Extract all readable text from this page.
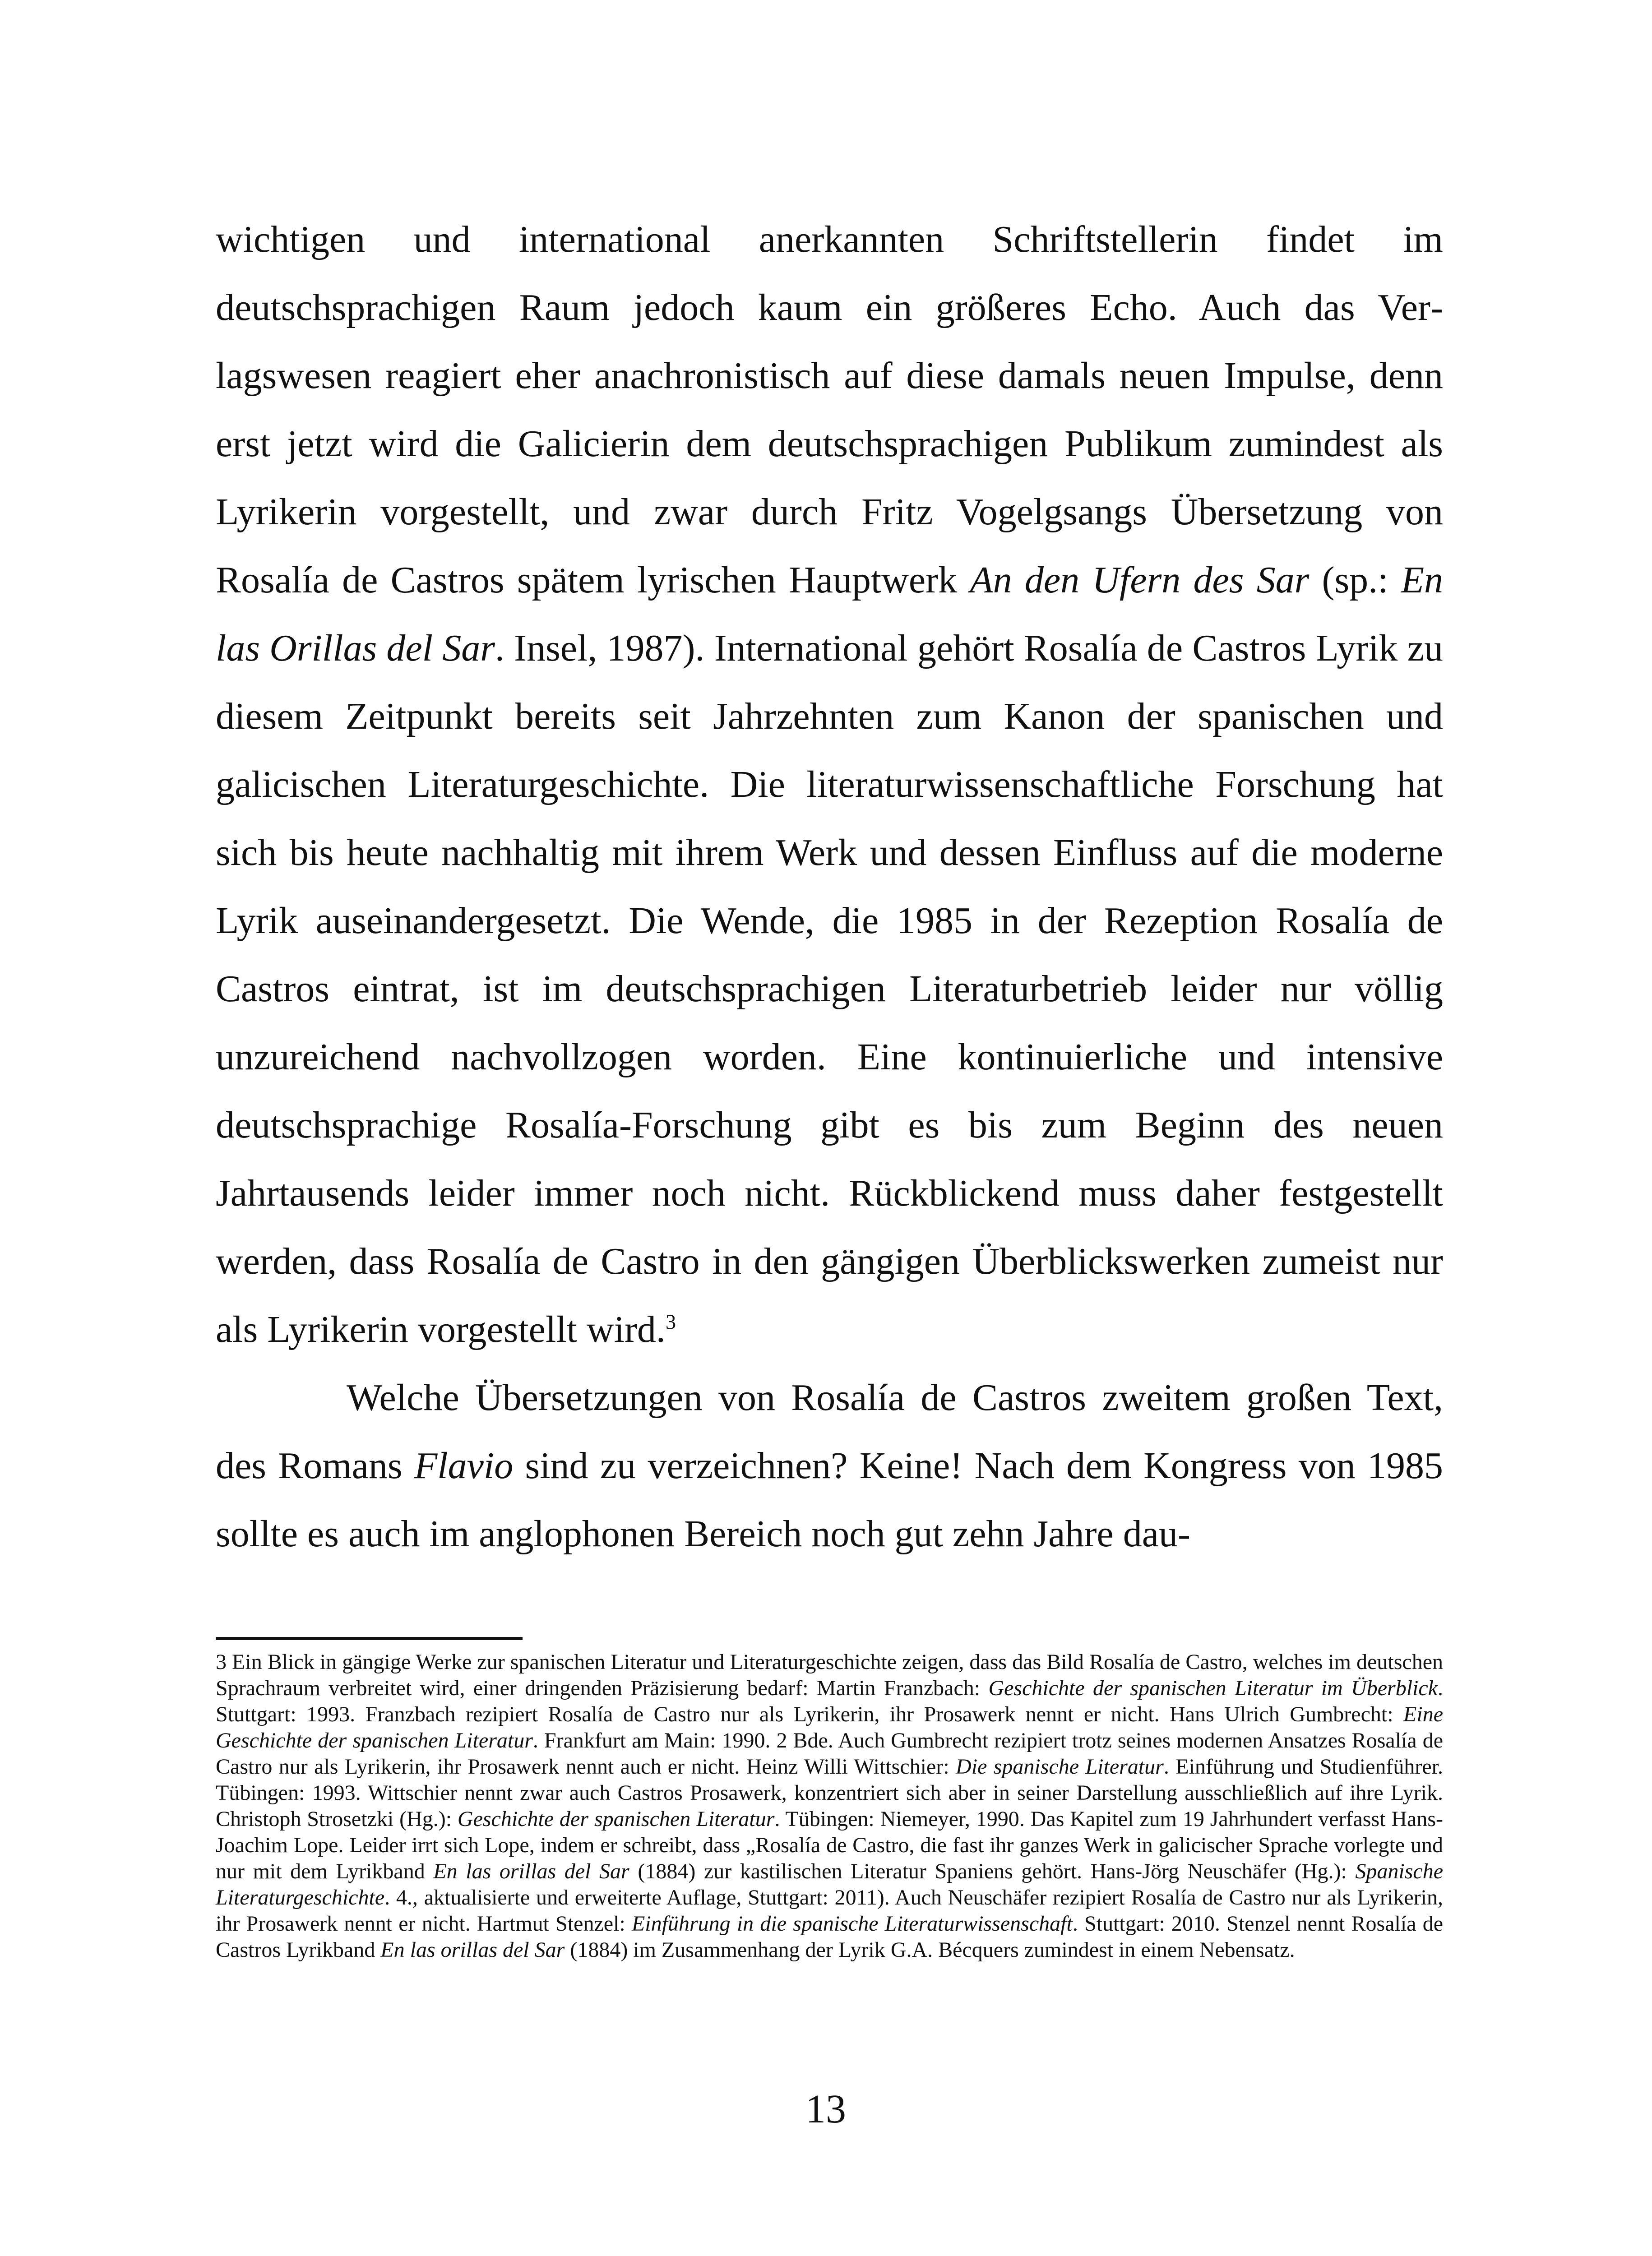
wichtigen und international anerkannten Schriftstellerin findet im deutschsprachigen Raum jedoch kaum ein größeres Echo. Auch das Verlagswesen reagiert eher anachronistisch auf diese damals neuen Impulse, denn erst jetzt wird die Galicierin dem deutschsprachigen Publikum zumindest als Lyrikerin vorgestellt, und zwar durch Fritz Vogelgsangs Übersetzung von Rosalía de Castros spätem lyrischen Hauptwerk An den Ufern des Sar (sp.: En las Orillas del Sar. Insel, 1987). International gehört Rosalía de Castros Lyrik zu diesem Zeitpunkt bereits seit Jahrzehnten zum Kanon der spanischen und galicischen Literaturgeschichte. Die literaturwissenschaftliche Forschung hat sich bis heute nachhaltig mit ihrem Werk und dessen Einfluss auf die moderne Lyrik auseinandergesetzt. Die Wende, die 1985 in der Rezeption Rosalía de Castros eintrat, ist im deutschsprachigen Literaturbetrieb leider nur völlig unzureichend nachvollzogen worden. Eine kontinuierliche und intensive deutschsprachige Rosalía-Forschung gibt es bis zum Beginn des neuen Jahrtausends leider immer noch nicht. Rückblickend muss daher festgestellt werden, dass Rosalía de Castro in den gängigen Überblickswerken zumeist nur als Lyrikerin vorgestellt wird.$^3$

Welche Übersetzungen von Rosalía de Castros zweitem großen Text, des Romans Flavio sind zu verzeichnen? Keine! Nach dem Kongress von 1985 sollte es auch im anglophonen Bereich noch gut zehn Jahre dau-

3 Ein Blick in gängige Werke zur spanischen Literatur und Literaturgeschichte zeigen, dass das Bild Rosalía de Castro, welches im deutschen Sprachraum verbreitet wird, einer dringenden Präzisierung bedarf: Martin Franzbach: Geschichte der spanischen Literatur im Überblick. Stuttgart: 1993. Franzbach rezipiert Rosalía de Castro nur als Lyrikerin, ihr Prosawerk nennt er nicht. Hans Ulrich Gumbrecht: Eine Geschichte der spanischen Literatur. Frankfurt am Main: 1990. 2 Bde. Auch Gumbrecht rezipiert trotz seines modernen Ansatzes Rosalía de Castro nur als Lyrikerin, ihr Prosawerk nennt auch er nicht. Heinz Willi Wittschier: Die spanische Literatur. Einführung und Studienführer. Tübingen: 1993. Wittschier nennt zwar auch Castros Prosawerk, konzentriert sich aber in seiner Darstellung ausschließlich auf ihre Lyrik. Christoph Strosetzki (Hg.): Geschichte der spanischen Literatur. Tübingen: Niemeyer, 1990. Das Kapitel zum 19 Jahrhundert verfasst Hans-Joachim Lope. Leider irrt sich Lope, indem er schreibt, dass „Rosalía de Castro, die fast ihr ganzes Werk in galicischer Sprache vorlegte und nur mit dem Lyrikband En las orillas del Sar (1884) zur kastilischen Literatur Spaniens gehört. Hans-Jörg Neuschäfer (Hg.): Spanische Literaturgeschichte. 4., aktualisierte und erweiterte Auflage, Stuttgart: 2011). Auch Neuschäfer rezipiert Rosalía de Castro nur als Lyrikerin, ihr Prosawerk nennt er nicht. Hartmut Stenzel: Einführung in die spanische Literaturwissenschaft. Stuttgart: 2010. Stenzel nennt Rosalía de Castros Lyrikband En las orillas del Sar (1884) im Zusammenhang der Lyrik G.A. Bécquers zumindest in einem Nebensatz.

13
